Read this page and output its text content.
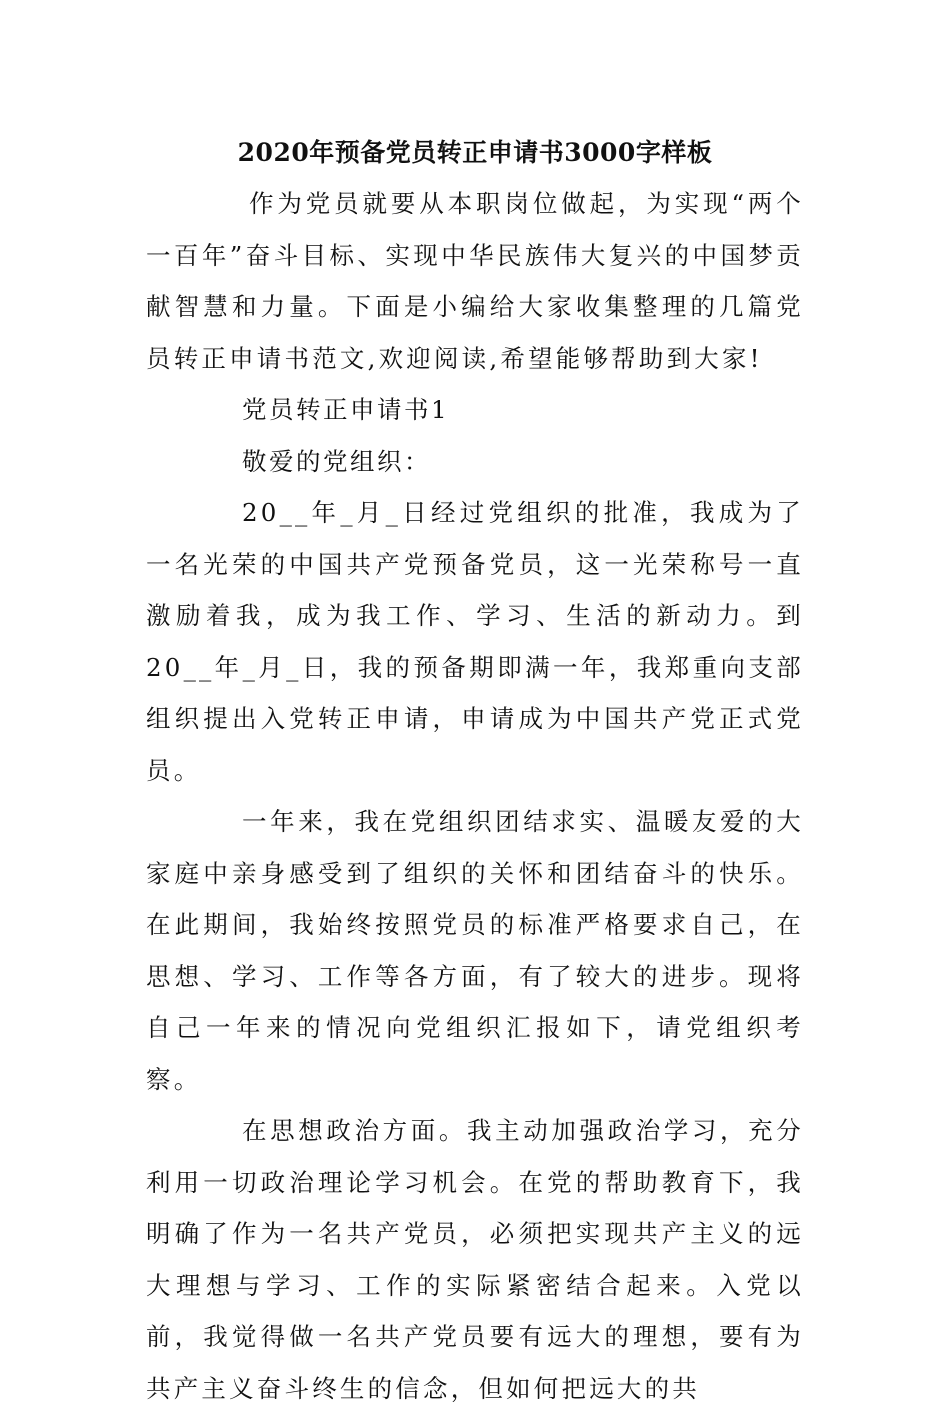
2020年预备党员转正申请书3000字样板

作为党员就要从本职岗位做起，为实现“两个一百年”奋斗目标、实现中华民族伟大复兴的中国梦贡献智慧和力量。下面是小编给大家收集整理的几篇党员转正申请书范文,欢迎阅读,希望能够帮助到大家!

党员转正申请书1

敬爱的党组织：

20__年_月_日经过党组织的批准，我成为了一名光荣的中国共产党预备党员，这一光荣称号一直激励着我，成为我工作、学习、生活的新动力。到20__年_月_日，我的预备期即满一年，我郑重向支部组织提出入党转正申请，申请成为中国共产党正式党员。

一年来，我在党组织团结求实、温暖友爱的大家庭中亲身感受到了组织的关怀和团结奋斗的快乐。在此期间，我始终按照党员的标准严格要求自己，在思想、学习、工作等各方面，有了较大的进步。现将自己一年来的情况向党组织汇报如下，请党组织考察。

在思想政治方面。我主动加强政治学习，充分利用一切政治理论学习机会。在党的帮助教育下，我明确了作为一名共产党员，必须把实现共产主义的远大理想与学习、工作的实际紧密结合起来。入党以前，我觉得做一名共产党员要有远大的理想，要有为共产主义奋斗终生的信念，但如何把远大的共
